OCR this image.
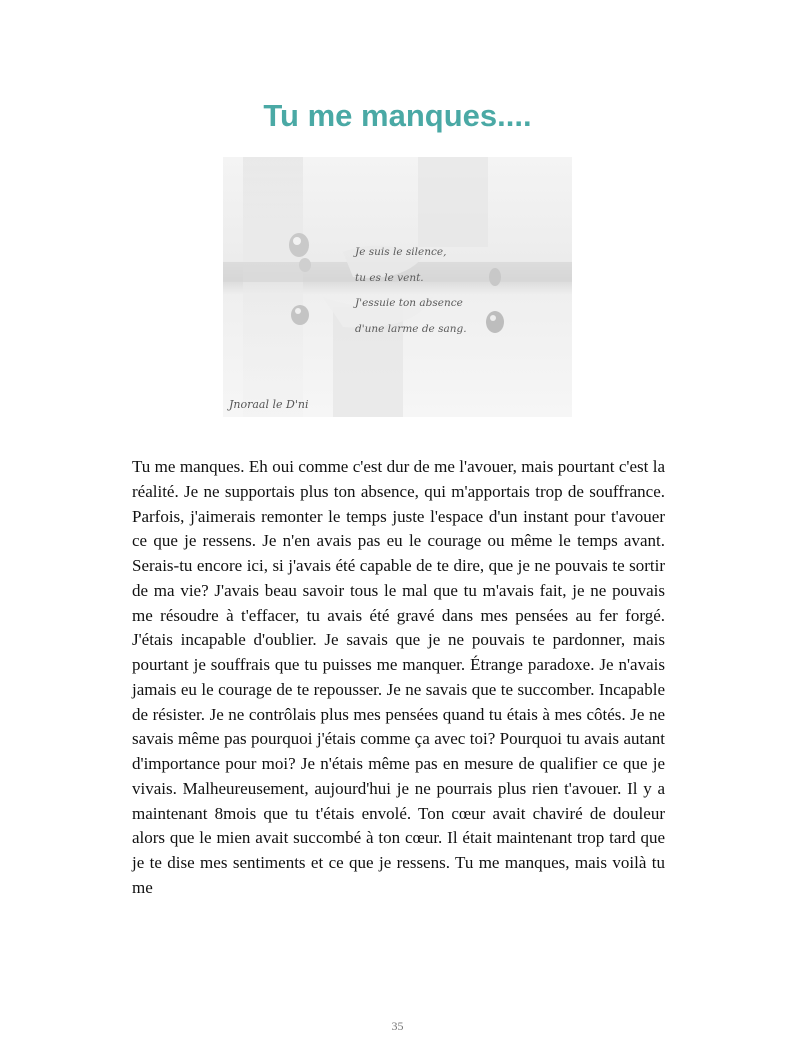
Tu me manques....
Je suis le silence,
tu es le vent.
J'essuie ton absence
d'une larme de sang.
Jnoraal le D'ni

Tu me manques. Eh oui comme c'est dur de me l'avouer, mais pourtant c'est la réalité. Je ne supportais plus ton absence, qui m'apportais trop de souffrance. Parfois, j'aimerais remonter le temps juste l'espace d'un instant pour t'avouer ce que je ressens. Je n'en avais pas eu le courage ou même le temps avant. Serais-tu encore ici, si j'avais été capable de te dire, que je ne pouvais te sortir de ma vie? J'avais beau savoir tous le mal que tu m'avais fait, je ne pouvais me résoudre à t'effacer, tu avais été gravé dans mes pensées au fer forgé. J'étais incapable d'oublier. Je savais que je ne pouvais te pardonner, mais pourtant je souffrais que tu puisses me manquer. Étrange paradoxe. Je n'avais jamais eu le courage de te repousser. Je ne savais que te succomber. Incapable de résister. Je ne contrôlais plus mes pensées quand tu étais à mes côtés. Je ne savais même pas pourquoi j'étais comme ça avec toi? Pourquoi tu avais autant d'importance pour moi? Je n'étais même pas en mesure de qualifier ce que je vivais. Malheureusement, aujourd'hui je ne pourrais plus rien t'avouer. Il y a maintenant 8mois que tu t'étais envolé. Ton cœur avait chaviré de douleur alors que le mien avait succombé à ton cœur. Il était maintenant trop tard que je te dise mes sentiments et ce que je ressens. Tu me manques, mais voilà tu me

35
